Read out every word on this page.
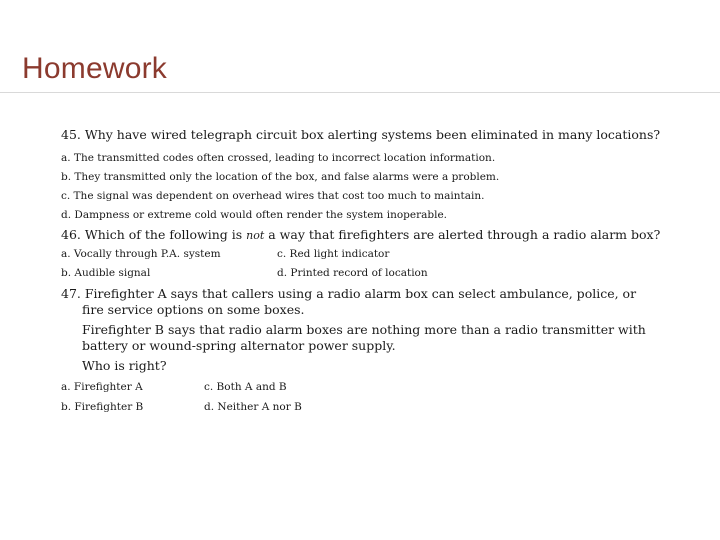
Homework
45. Why have wired telegraph circuit box alerting systems been eliminated in many locations?
a. The transmitted codes often crossed, leading to incorrect location information.
b. They transmitted only the location of the box, and false alarms were a problem.
c. The signal was dependent on overhead wires that cost too much to maintain.
d. Dampness or extreme cold would often render the system inoperable.
46. Which of the following is not a way that firefighters are alerted through a radio alarm box?
a. Vocally through P.A. system	c. Red light indicator
b. Audible signal	d. Printed record of location

47. Firefighter A says that callers using a radio alarm box can select ambulance, police, or fire service options on some boxes.

Firefighter B says that radio alarm boxes are nothing more than a radio transmitter with battery or wound-spring alternator power supply.

Who is right?

a. Firefighter A	c. Both A and B
b. Firefighter B	d. Neither A nor B
